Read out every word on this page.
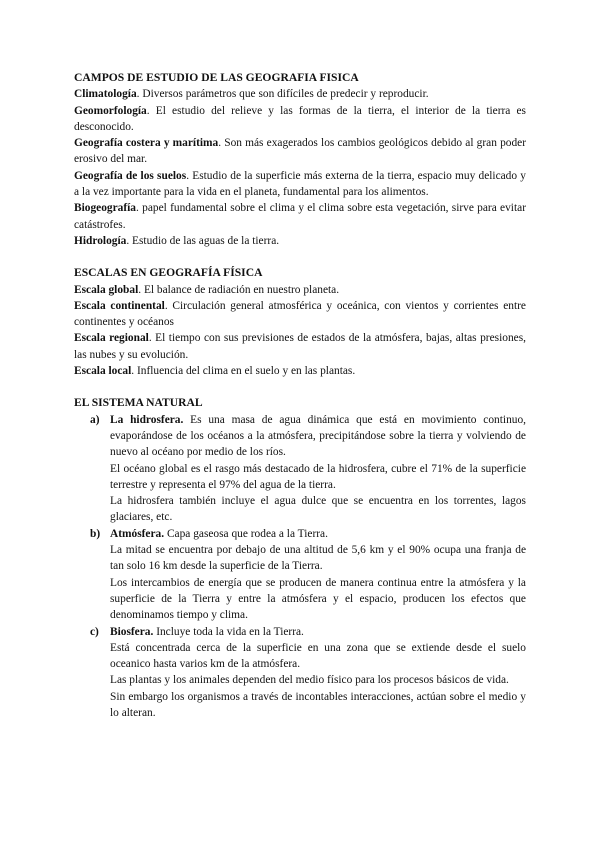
CAMPOS DE ESTUDIO DE LAS GEOGRAFIA FISICA

Climatología. Diversos parámetros que son difíciles de predecir y reproducir.

Geomorfología. El estudio del relieve y las formas de la tierra, el interior de la tierra es desconocido.

Geografía costera y marítima. Son más exagerados los cambios geológicos debido al gran poder erosivo del mar.

Geografía de los suelos. Estudio de la superficie más externa de la tierra, espacio muy delicado y a la vez importante para la vida en el planeta, fundamental para los alimentos.

Biogeografía. papel fundamental sobre el clima y el clima sobre esta vegetación, sirve para evitar catástrofes.

Hidrología. Estudio de las aguas de la tierra.

ESCALAS EN GEOGRAFÍA FÍSICA

Escala global. El balance de radiación en nuestro planeta.

Escala continental. Circulación general atmosférica y oceánica, con vientos y corrientes entre continentes y océanos

Escala regional. El tiempo con sus previsiones de estados de la atmósfera, bajas, altas presiones, las nubes y su evolución.

Escala local. Influencia del clima en el suelo y en las plantas.

EL SISTEMA NATURAL

a) La hidrosfera. Es una masa de agua dinámica que está en movimiento continuo, evaporándose de los océanos a la atmósfera, precipitándose sobre la tierra y volviendo de nuevo al océano por medio de los ríos.

El océano global es el rasgo más destacado de la hidrosfera, cubre el 71% de la superficie terrestre y representa el 97% del agua de la tierra.

La hidrosfera también incluye el agua dulce que se encuentra en los torrentes, lagos glaciares, etc.

b) Atmósfera. Capa gaseosa que rodea a la Tierra.

La mitad se encuentra por debajo de una altitud de 5,6 km y el 90% ocupa una franja de tan solo 16 km desde la superficie de la Tierra.

Los intercambios de energía que se producen de manera continua entre la atmósfera y la superficie de la Tierra y entre la atmósfera y el espacio, producen los efectos que denominamos tiempo y clima.

c) Biosfera. Incluye toda la vida en la Tierra.

Está concentrada cerca de la superficie en una zona que se extiende desde el suelo oceanico hasta varios km de la atmósfera.

Las plantas y los animales dependen del medio físico para los procesos básicos de vida.

Sin embargo los organismos a través de incontables interacciones, actúan sobre el medio y lo alteran.
